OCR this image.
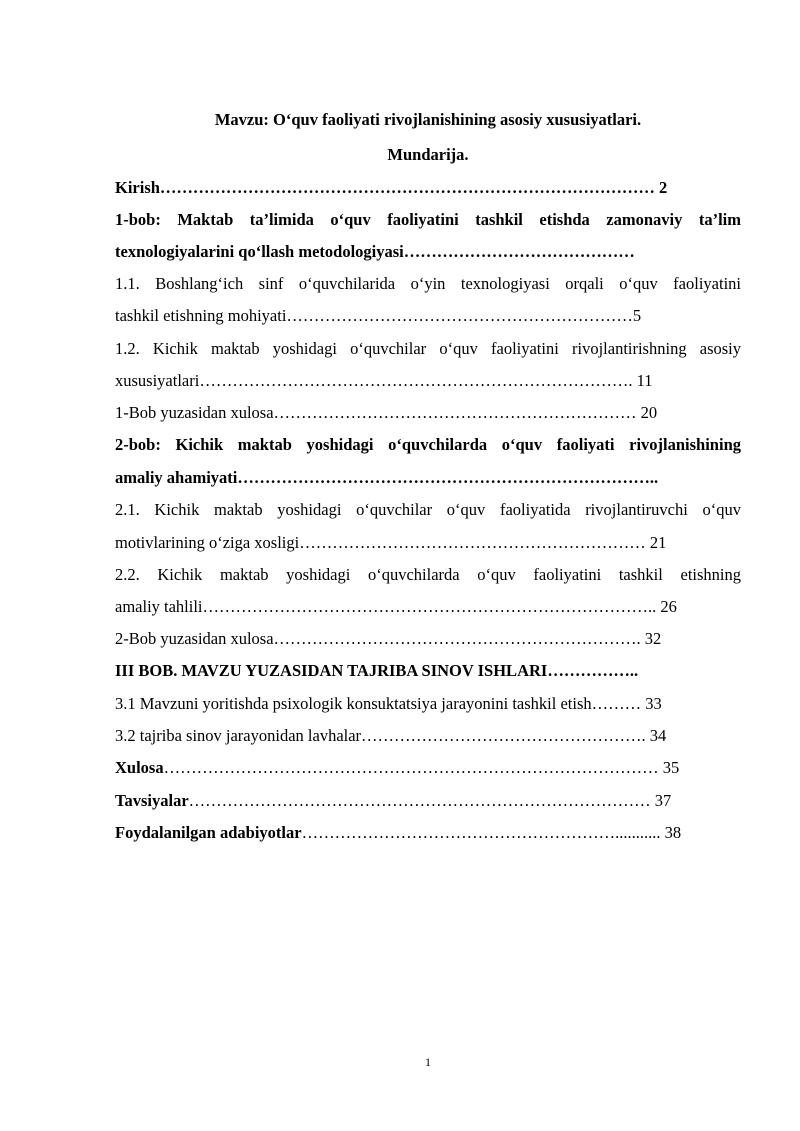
Mavzu: O‘quv faoliyati rivojlanishining asosiy xususiyatlari.
Mundarija.
Kirish……………………………………………………………………………… 2
1-bob: Maktab ta’limida o‘quv faoliyatini tashkil etishda zamonaviy ta’lim
texnologiyalarini qo‘llash metodologiyasi……………………………………
1.1. Boshlang‘ich sinf o‘quvchilarida o‘yin texnologiyasi orqali o‘quv faoliyatini
tashkil etishning mohiyati………………………………………………………5
1.2. Kichik maktab yoshidagi o‘quvchilar o‘quv faoliyatini rivojlantirishning asosiy
xususiyatlari……………………………………………………………………. 11
1-Bob yuzasidan xulosa………………………………………………………… 20
2-bob: Kichik maktab yoshidagi o‘quvchilarda o‘quv faoliyati rivojlanishining
amaliy ahamiyati…………………………………………………………………..
2.1. Kichik maktab yoshidagi o‘quvchilar o‘quv faoliyatida rivojlantiruvchi o‘quv
motivlarining o‘ziga xosligi……………………………………………………… 21
2.2. Kichik maktab yoshidagi o‘quvchilarda o‘quv faoliyatini tashkil etishning
amaliy tahlili……………………………………………………………………….. 26
2-Bob yuzasidan xulosa…………………………………………………………. 32
III BOB. MAVZU YUZASIDAN TAJRIBA SINOV ISHLARI……………..
3.1 Mavzuni yoritishda psixologik konsuktatsiya jarayonini tashkil etish……… 33
3.2 tajriba sinov jarayonidan lavhalar……………………………………………. 34
Xulosa……………………………………………………………………………… 35
Tavsiyalar………………………………………………………………………… 37
Foydalanilgan adabiyotlar…………………………………………………........... 38
1
